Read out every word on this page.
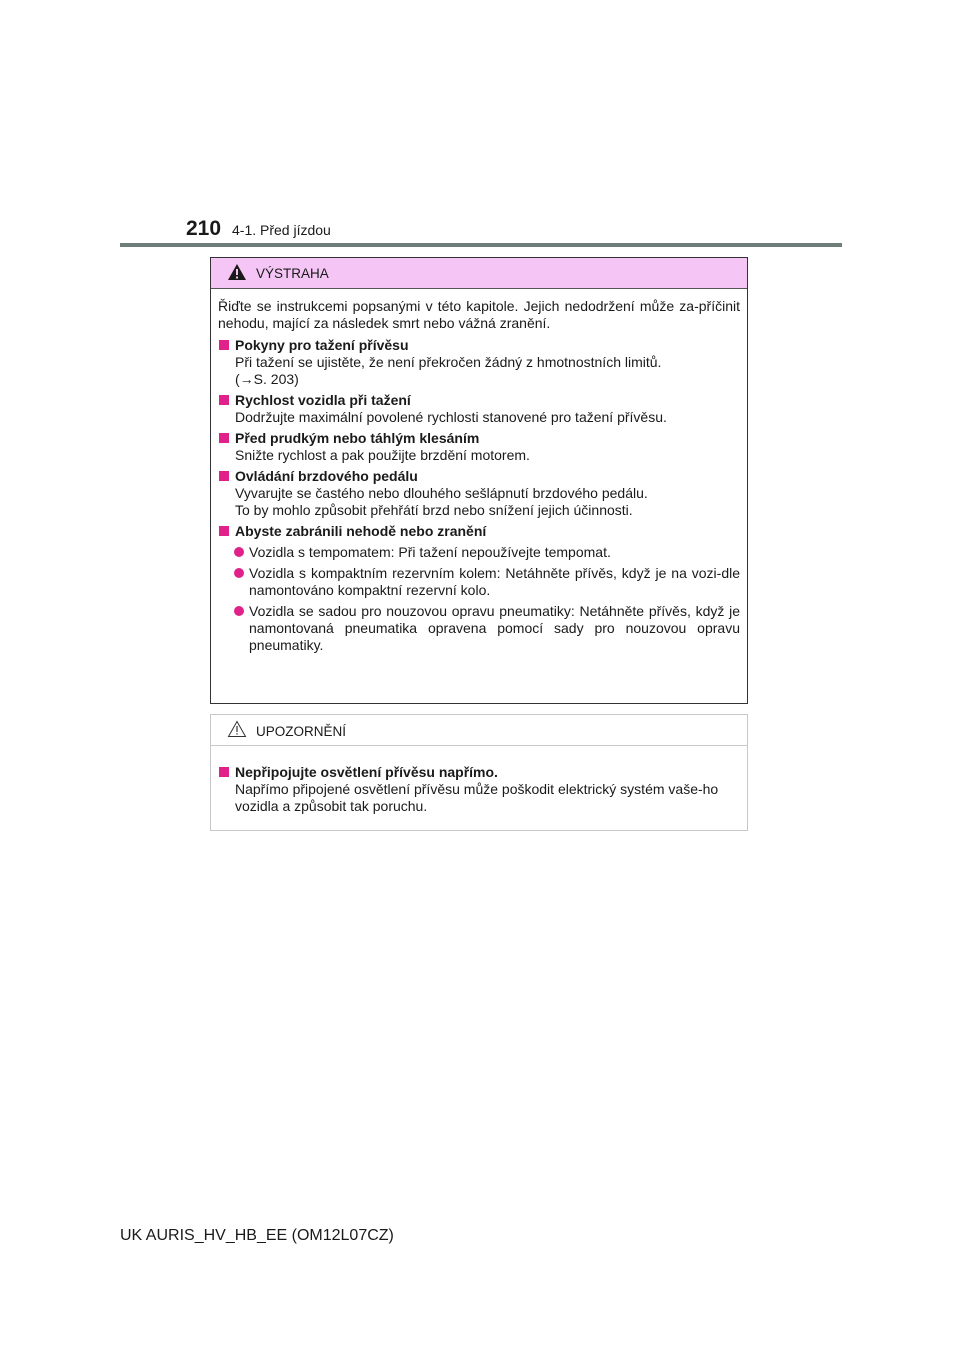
210 4-1. Před jízdou
VÝSTRAHA
Řiďte se instrukcemi popsanými v této kapitole. Jejich nedodržení může za-příčinit nehodu, mající za následek smrt nebo vážná zranění.
Pokyny pro tažení přívěsu
Při tažení se ujistěte, že není překročen žádný z hmotnostních limitů.
(→S. 203)
Rychlost vozidla při tažení
Dodržujte maximální povolené rychlosti stanovené pro tažení přívěsu.
Před prudkým nebo táhlým klesáním
Snižte rychlost a pak použijte brzdění motorem.
Ovládání brzdového pedálu
Vyvarujte se častého nebo dlouhého sešlápnutí brzdového pedálu.
To by mohlo způsobit přehřátí brzd nebo snížení jejich účinnosti.
Abyste zabránili nehodě nebo zranění
Vozidla s tempomatem: Při tažení nepoužívejte tempomat.
Vozidla s kompaktním rezervním kolem: Netáhněte přívěs, když je na vozi-dle namontováno kompaktní rezervní kolo.
Vozidla se sadou pro nouzovou opravu pneumatiky: Netáhněte přívěs, když je namontovaná pneumatika opravena pomocí sady pro nouzovou opravu pneumatiky.
UPOZORNĚNÍ
Nepřipojujte osvětlení přívěsu napřímo.
Napřímo připojené osvětlení přívěsu může poškodit elektrický systém vaše-ho vozidla a způsobit tak poruchu.
UK AURIS_HV_HB_EE (OM12L07CZ)
